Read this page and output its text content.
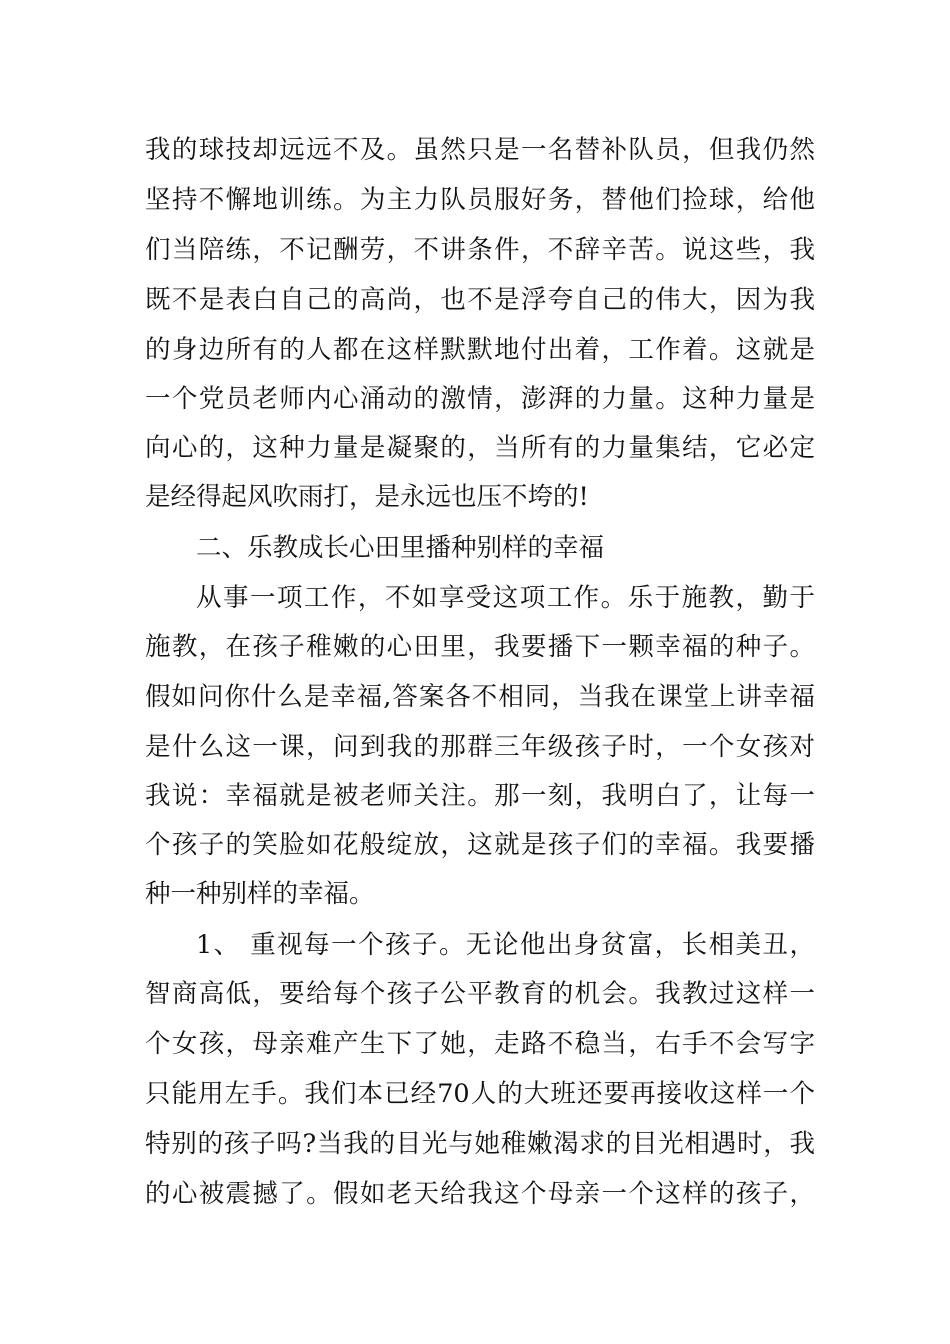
我的球技却远远不及。虽然只是一名替补队员，但我仍然
坚持不懈地训练。为主力队员服好务，替他们捡球，给他
们当陪练，不记酬劳，不讲条件，不辞辛苦。说这些，我
既不是表白自己的高尚，也不是浮夸自己的伟大，因为我
的身边所有的人都在这样默默地付出着，工作着。这就是
一个党员老师内心涌动的激情，澎湃的力量。这种力量是
向心的，这种力量是凝聚的，当所有的力量集结，它必定
是经得起风吹雨打，是永远也压不垮的!
二、乐教成长心田里播种别样的幸福
从事一项工作，不如享受这项工作。乐于施教，勤于
施教，在孩子稚嫩的心田里，我要播下一颗幸福的种子。
假如问你什么是幸福,答案各不相同，当我在课堂上讲幸福
是什么这一课，问到我的那群三年级孩子时，一个女孩对
我说：幸福就是被老师关注。那一刻，我明白了，让每一
个孩子的笑脸如花般绽放，这就是孩子们的幸福。我要播
种一种别样的幸福。
1、 重视每一个孩子。无论他出身贫富，长相美丑，
智商高低，要给每个孩子公平教育的机会。我教过这样一
个女孩，母亲难产生下了她，走路不稳当，右手不会写字
只能用左手。我们本已经70人的大班还要再接收这样一个
特别的孩子吗?当我的目光与她稚嫩渴求的目光相遇时，我
的心被震撼了。假如老天给我这个母亲一个这样的孩子，
